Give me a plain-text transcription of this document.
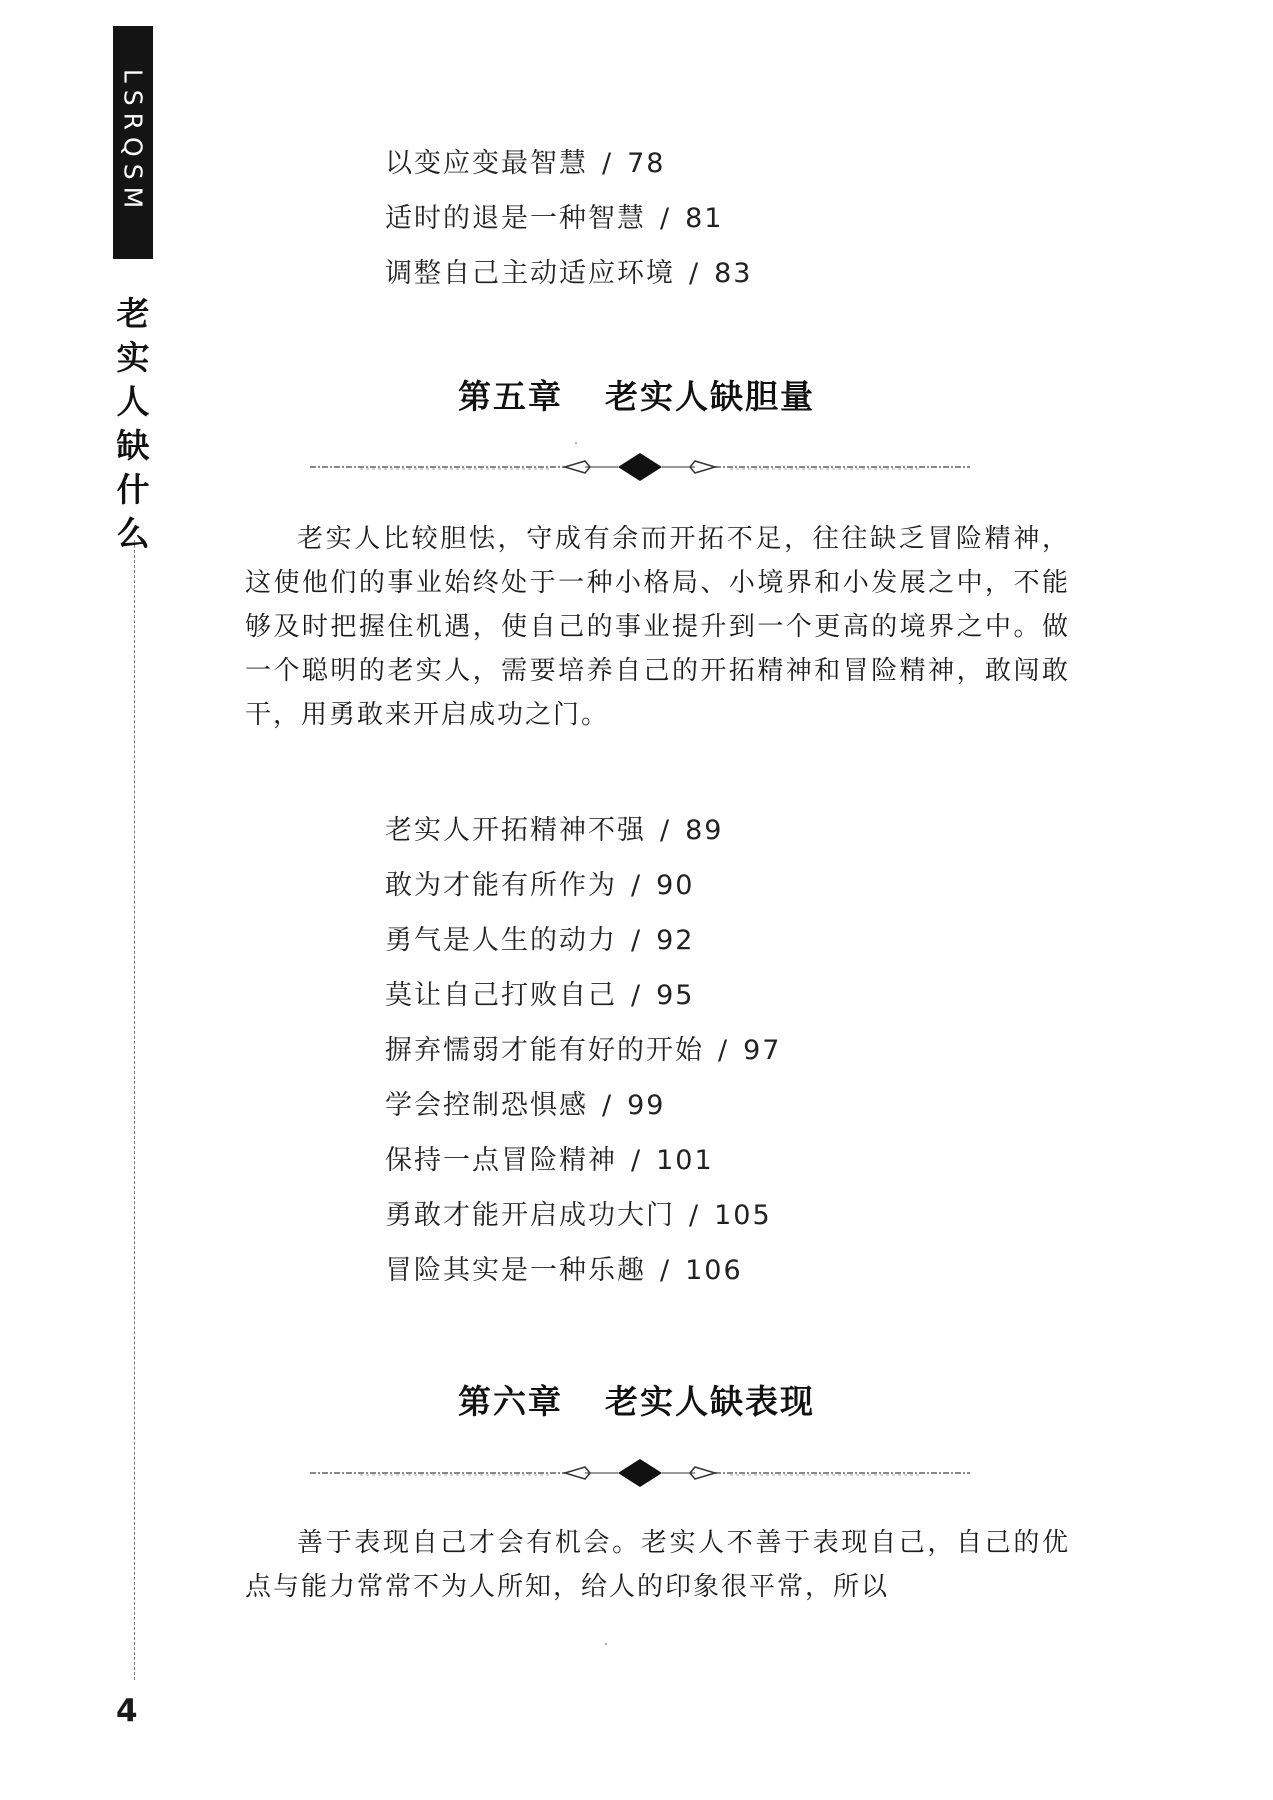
LSRQSM
老
实
人
缺
什
么
4
以变应变最智慧 / 78
适时的退是一种智慧 / 81
调整自己主动适应环境 / 83
第五章 老实人缺胆量

老实人比较胆怯，守成有余而开拓不足，往往缺乏冒险精神，这使他们的事业始终处于一种小格局、小境界和小发展之中，不能够及时把握住机遇，使自己的事业提升到一个更高的境界之中。做一个聪明的老实人，需要培养自己的开拓精神和冒险精神，敢闯敢干，用勇敢来开启成功之门。

老实人开拓精神不强 / 89
敢为才能有所作为 / 90
勇气是人生的动力 / 92
莫让自己打败自己 / 95
摒弃懦弱才能有好的开始 / 97
学会控制恐惧感 / 99
保持一点冒险精神 / 101
勇敢才能开启成功大门 / 105
冒险其实是一种乐趣 / 106
第六章 老实人缺表现

善于表现自己才会有机会。老实人不善于表现自己，自己的优点与能力常常不为人所知，给人的印象很平常，所以
